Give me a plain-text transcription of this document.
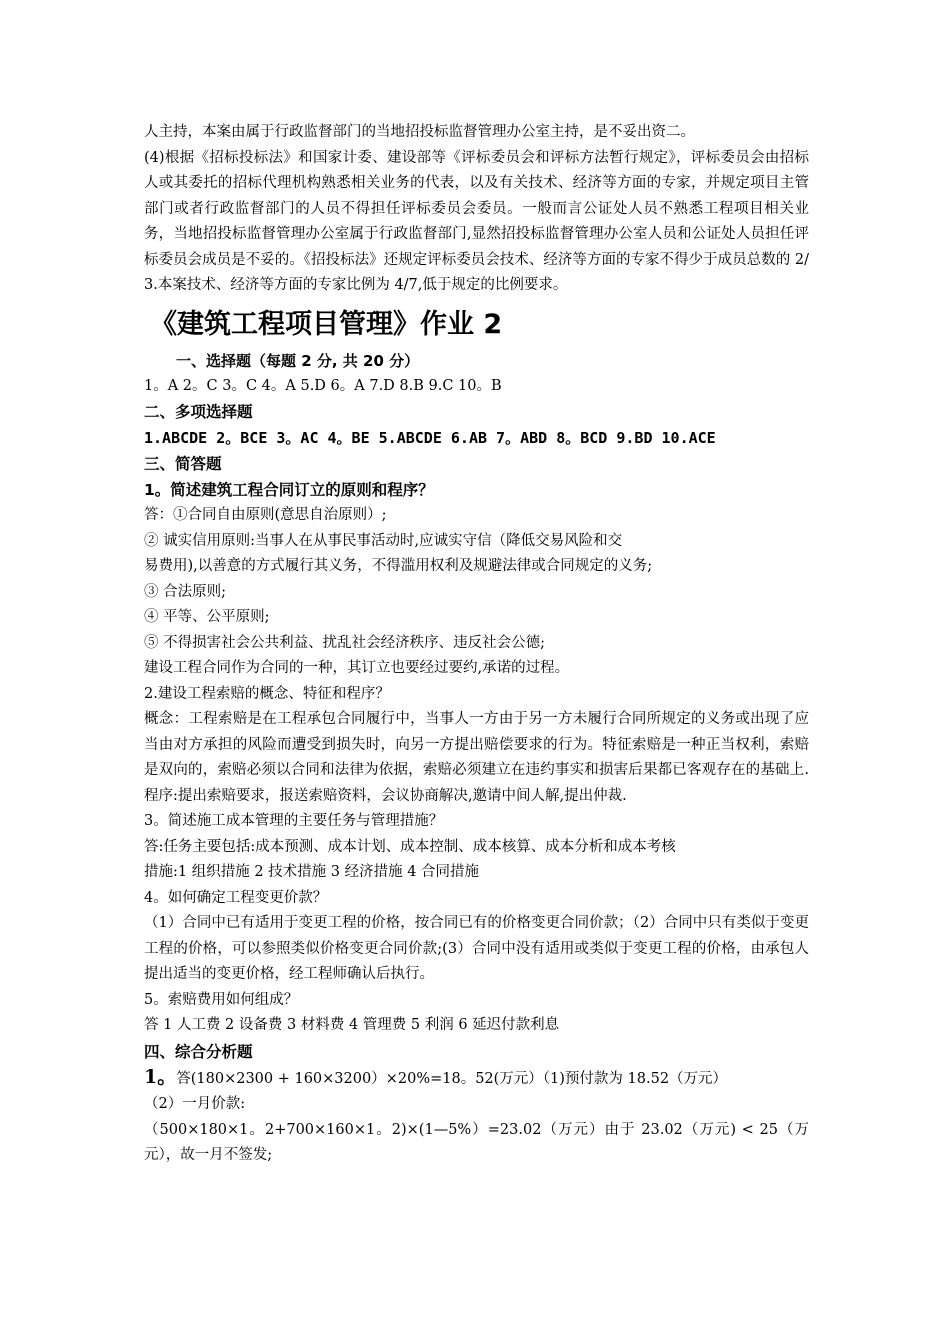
人主持，本案由属于行政监督部门的当地招投标监督管理办公室主持，是不妥出资二。

(4)根据《招标投标法》和国家计委、建设部等《评标委员会和评标方法暂行规定》，评标委员会由招标人或其委托的招标代理机构熟悉相关业务的代表，以及有关技术、经济等方面的专家，并规定项目主管部门或者行政监督部门的人员不得担任评标委员会委员。一般而言公证处人员不熟悉工程项目相关业务，当地招投标监督管理办公室属于行政监督部门,显然招投标监督管理办公室人员和公证处人员担任评标委员会成员是不妥的。《招投标法》还规定评标委员会技术、经济等方面的专家不得少于成员总数的 2/3.本案技术、经济等方面的专家比例为 4/7,低于规定的比例要求。

《建筑工程项目管理》作业 2
一、选择题（每题 2 分, 共 20 分）

1。A 2。C 3。C 4。A 5.D 6。A 7.D 8.B 9.C 10。B

二、多项选择题

1.ABCDE 2。BCE 3。AC 4。BE 5.ABCDE 6.AB 7。ABD 8。BCD 9.BD 10.ACE

三、简答题
1。简述建筑工程合同订立的原则和程序？

答：①合同自由原则(意思自治原则）;

② 诚实信用原则:当事人在从事民事活动时,应诚实守信（降低交易风险和交

易费用),以善意的方式履行其义务，不得滥用权利及规避法律或合同规定的义务;

③ 合法原则;

④ 平等、公平原则;

⑤ 不得损害社会公共利益、扰乱社会经济秩序、违反社会公德;

建设工程合同作为合同的一种，其订立也要经过要约,承诺的过程。

2.建设工程索赔的概念、特征和程序？

概念：工程索赔是在工程承包合同履行中，当事人一方由于另一方未履行合同所规定的义务或出现了应当由对方承担的风险而遭受到损失时，向另一方提出赔偿要求的行为。特征索赔是一种正当权利，索赔是双向的，索赔必须以合同和法律为依据，索赔必须建立在违约事实和损害后果都已客观存在的基础上.程序:提出索赔要求，报送索赔资料，会议协商解决,邀请中间人解,提出仲裁.

3。简述施工成本管理的主要任务与管理措施？

答:任务主要包括:成本预测、成本计划、成本控制、成本核算、成本分析和成本考核

措施:1 组织措施 2 技术措施 3 经济措施 4 合同措施

4。如何确定工程变更价款？

（1）合同中已有适用于变更工程的价格，按合同已有的价格变更合同价款；（2）合同中只有类似于变更工程的价格，可以参照类似价格变更合同价款;(3）合同中没有适用或类似于变更工程的价格，由承包人提出适当的变更价格，经工程师确认后执行。

5。索赔费用如何组成？

答 1 人工费 2 设备费 3 材料费 4 管理费 5 利润 6 延迟付款利息

四、综合分析题

1。答(180×2300 + 160×3200）×20%=18。52(万元）（1)预付款为 18.52（万元）

（2）一月价款:

（500×180×1。2+700×160×1。2)×(1—5%）=23.02（万元）由于 23.02（万元) < 25（万元），故一月不签发;
